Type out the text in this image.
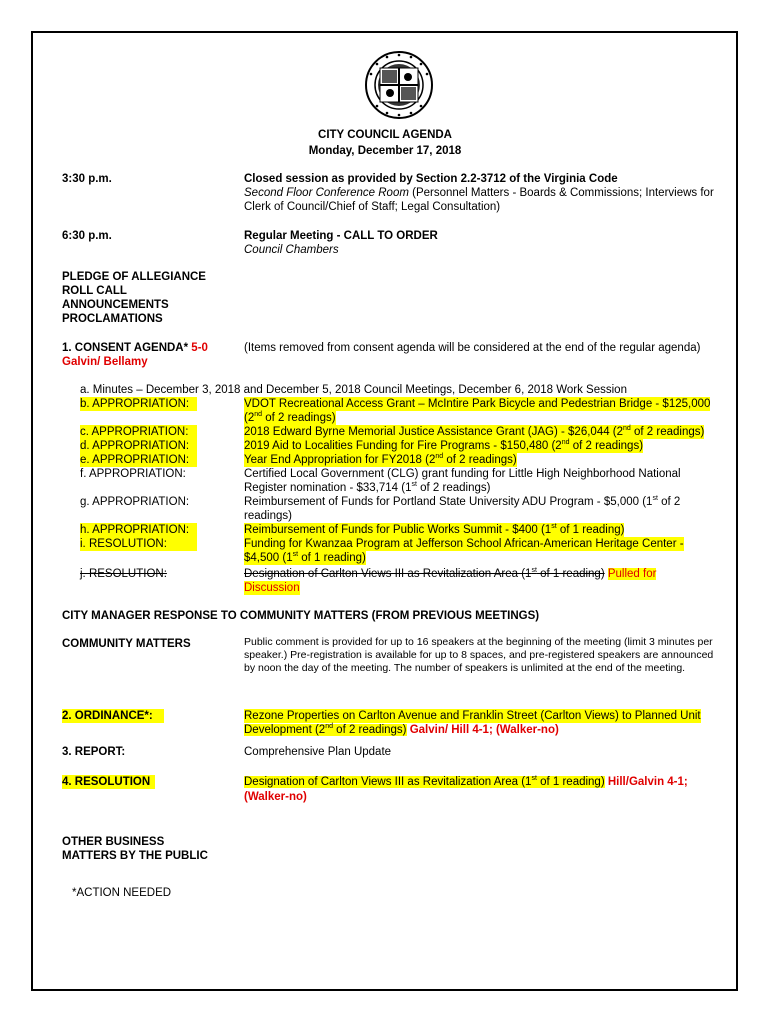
CITY COUNCIL AGENDA
Monday, December 17, 2018
3:30 p.m.	Closed session as provided by Section 2.2-3712 of the Virginia Code
Second Floor Conference Room (Personnel Matters - Boards & Commissions; Interviews for
Clerk of Council/Chief of Staff; Legal Consultation)
6:30 p.m.	Regular Meeting - CALL TO ORDER
Council Chambers
PLEDGE OF ALLEGIANCE
ROLL CALL
ANNOUNCEMENTS
PROCLAMATIONS
1. CONSENT AGENDA* 5-0
Galvin/ Bellamy
(Items removed from consent agenda will be considered at the end of the regular agenda)
a. Minutes – December 3, 2018 and December 5, 2018 Council Meetings, December 6, 2018 Work Session
b. APPROPRIATION:	VDOT Recreational Access Grant – McIntire Park Bicycle and Pedestrian Bridge - $125,000
(2nd of 2 readings)
c. APPROPRIATION:	2018 Edward Byrne Memorial Justice Assistance Grant (JAG) - $26,044 (2nd of 2 readings)
d. APPROPRIATION:	2019 Aid to Localities Funding for Fire Programs - $150,480 (2nd of 2 readings)
e. APPROPRIATION:	Year End Appropriation for FY2018 (2nd of 2 readings)
f. APPROPRIATION:	Certified Local Government (CLG) grant funding for Little High Neighborhood National
Register nomination - $33,714 (1st of 2 readings)
g. APPROPRIATION:	Reimbursement of Funds for Portland State University ADU Program - $5,000 (1st of 2
readings)
h. APPROPRIATION:	Reimbursement of Funds for Public Works Summit - $400 (1st of 1 reading)
i. RESOLUTION:	Funding for Kwanzaa Program at Jefferson School African-American Heritage Center -
$4,500 (1st of 1 reading)
j. RESOLUTION:	Designation of Carlton Views III as Revitalization Area (1st of 1 reading) Pulled for
Discussion
CITY MANAGER RESPONSE TO COMMUNITY MATTERS (FROM PREVIOUS MEETINGS)
COMMUNITY MATTERS	Public comment is provided for up to 16 speakers at the beginning of the meeting (limit 3 minutes per
speaker.) Pre-registration is available for up to 8 spaces, and pre-registered speakers are announced
by noon the day of the meeting. The number of speakers is unlimited at the end of the meeting.
2. ORDINANCE*:	Rezone Properties on Carlton Avenue and Franklin Street (Carlton Views) to Planned Unit
Development (2nd of 2 readings) Galvin/ Hill 4-1; (Walker-no)
3. REPORT:	Comprehensive Plan Update
4. RESOLUTION	Designation of Carlton Views III as Revitalization Area (1st of 1 reading) Hill/Galvin 4-1;
(Walker-no)
OTHER BUSINESS
MATTERS BY THE PUBLIC
*ACTION NEEDED
